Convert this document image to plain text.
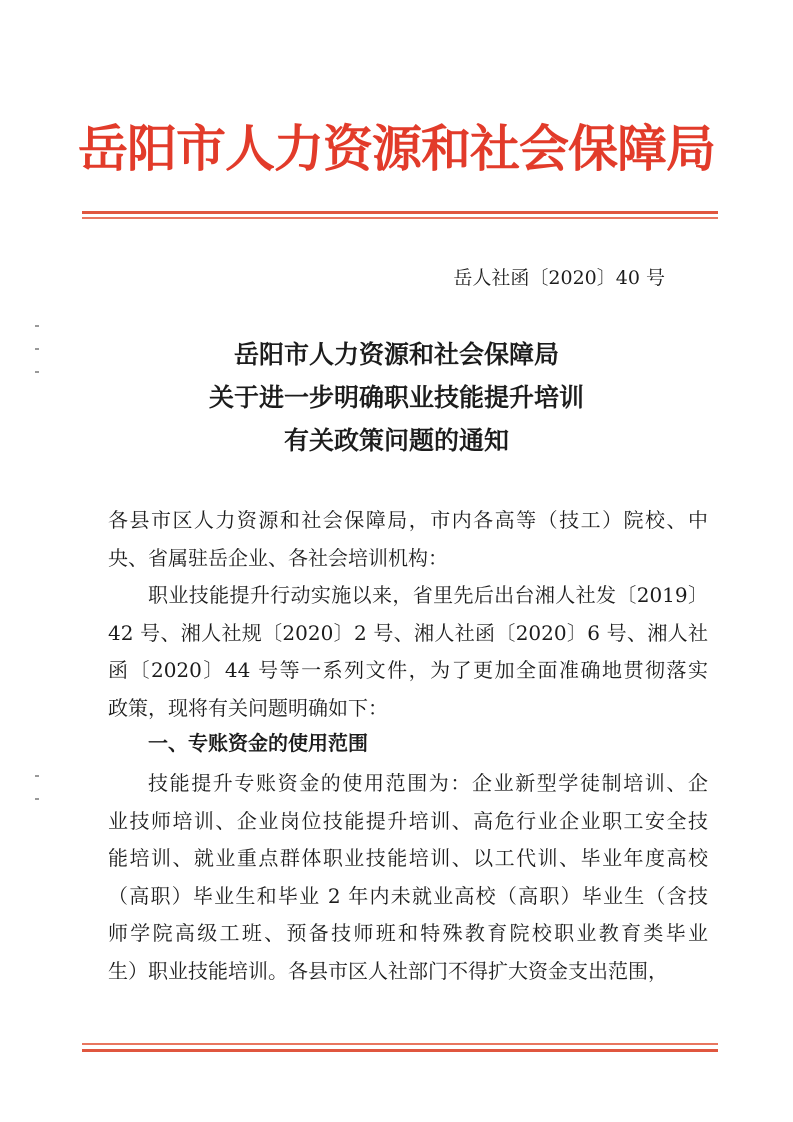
岳阳市人力资源和社会保障局
岳人社函〔2020〕40 号
岳阳市人力资源和社会保障局
关于进一步明确职业技能提升培训
有关政策问题的通知

各县市区人力资源和社会保障局，市内各高等（技工）院校、中

央、省属驻岳企业、各社会培训机构：

职业技能提升行动实施以来，省里先后出台湘人社发〔2019〕

42 号、湘人社规〔2020〕2 号、湘人社函〔2020〕6 号、湘人社

函〔2020〕44 号等一系列文件，为了更加全面准确地贯彻落实

政策，现将有关问题明确如下：

一、专账资金的使用范围

技能提升专账资金的使用范围为：企业新型学徒制培训、企

业技师培训、企业岗位技能提升培训、高危行业企业职工安全技

能培训、就业重点群体职业技能培训、以工代训、毕业年度高校

（高职）毕业生和毕业 2 年内未就业高校（高职）毕业生（含技

师学院高级工班、预备技师班和特殊教育院校职业教育类毕业

生）职业技能培训。各县市区人社部门不得扩大资金支出范围，
